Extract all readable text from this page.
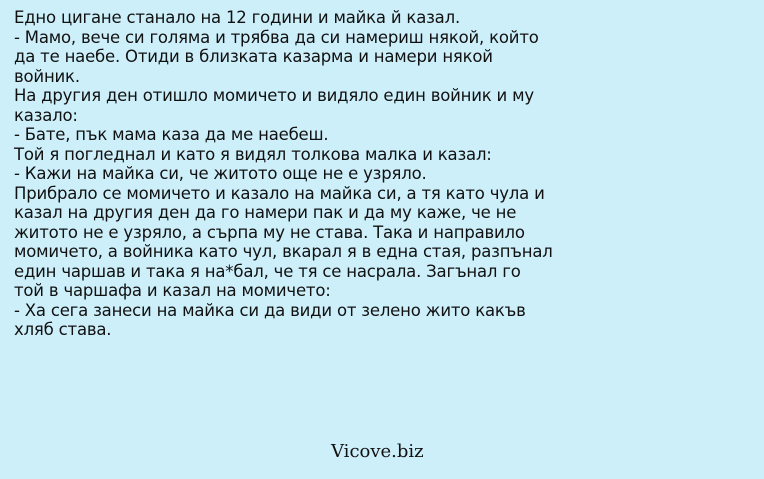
Едно цигане станало на 12 години и майка й казал.
- Мамо, вече си голяма и трябва да си намериш някой, който
да те наебе. Отиди в близката казарма и намери някой
войник.
На другия ден отишло момичето и видяло един войник и му
казало:
- Бате, пък мама каза да ме наебеш.
Той я погледнал и като я видял толкова малка и казал:
- Кажи на майка си, че житото още не е узряло.
Прибрало се момичето и казало на майка си, а тя като чула и
казал на другия ден да го намери пак и да му каже, че не
житото не е узряло, а сърпа му не става. Така и направило
момичето, а войника като чул, вкарал я в една стая, разпънал
един чаршав и така я на*бал, че тя се насрала. Загънал го
той в чаршафа и казал на момичето:
- Ха сега занеси на майка си да види от зелено жито какъв
хляб става.
Vicove.biz
